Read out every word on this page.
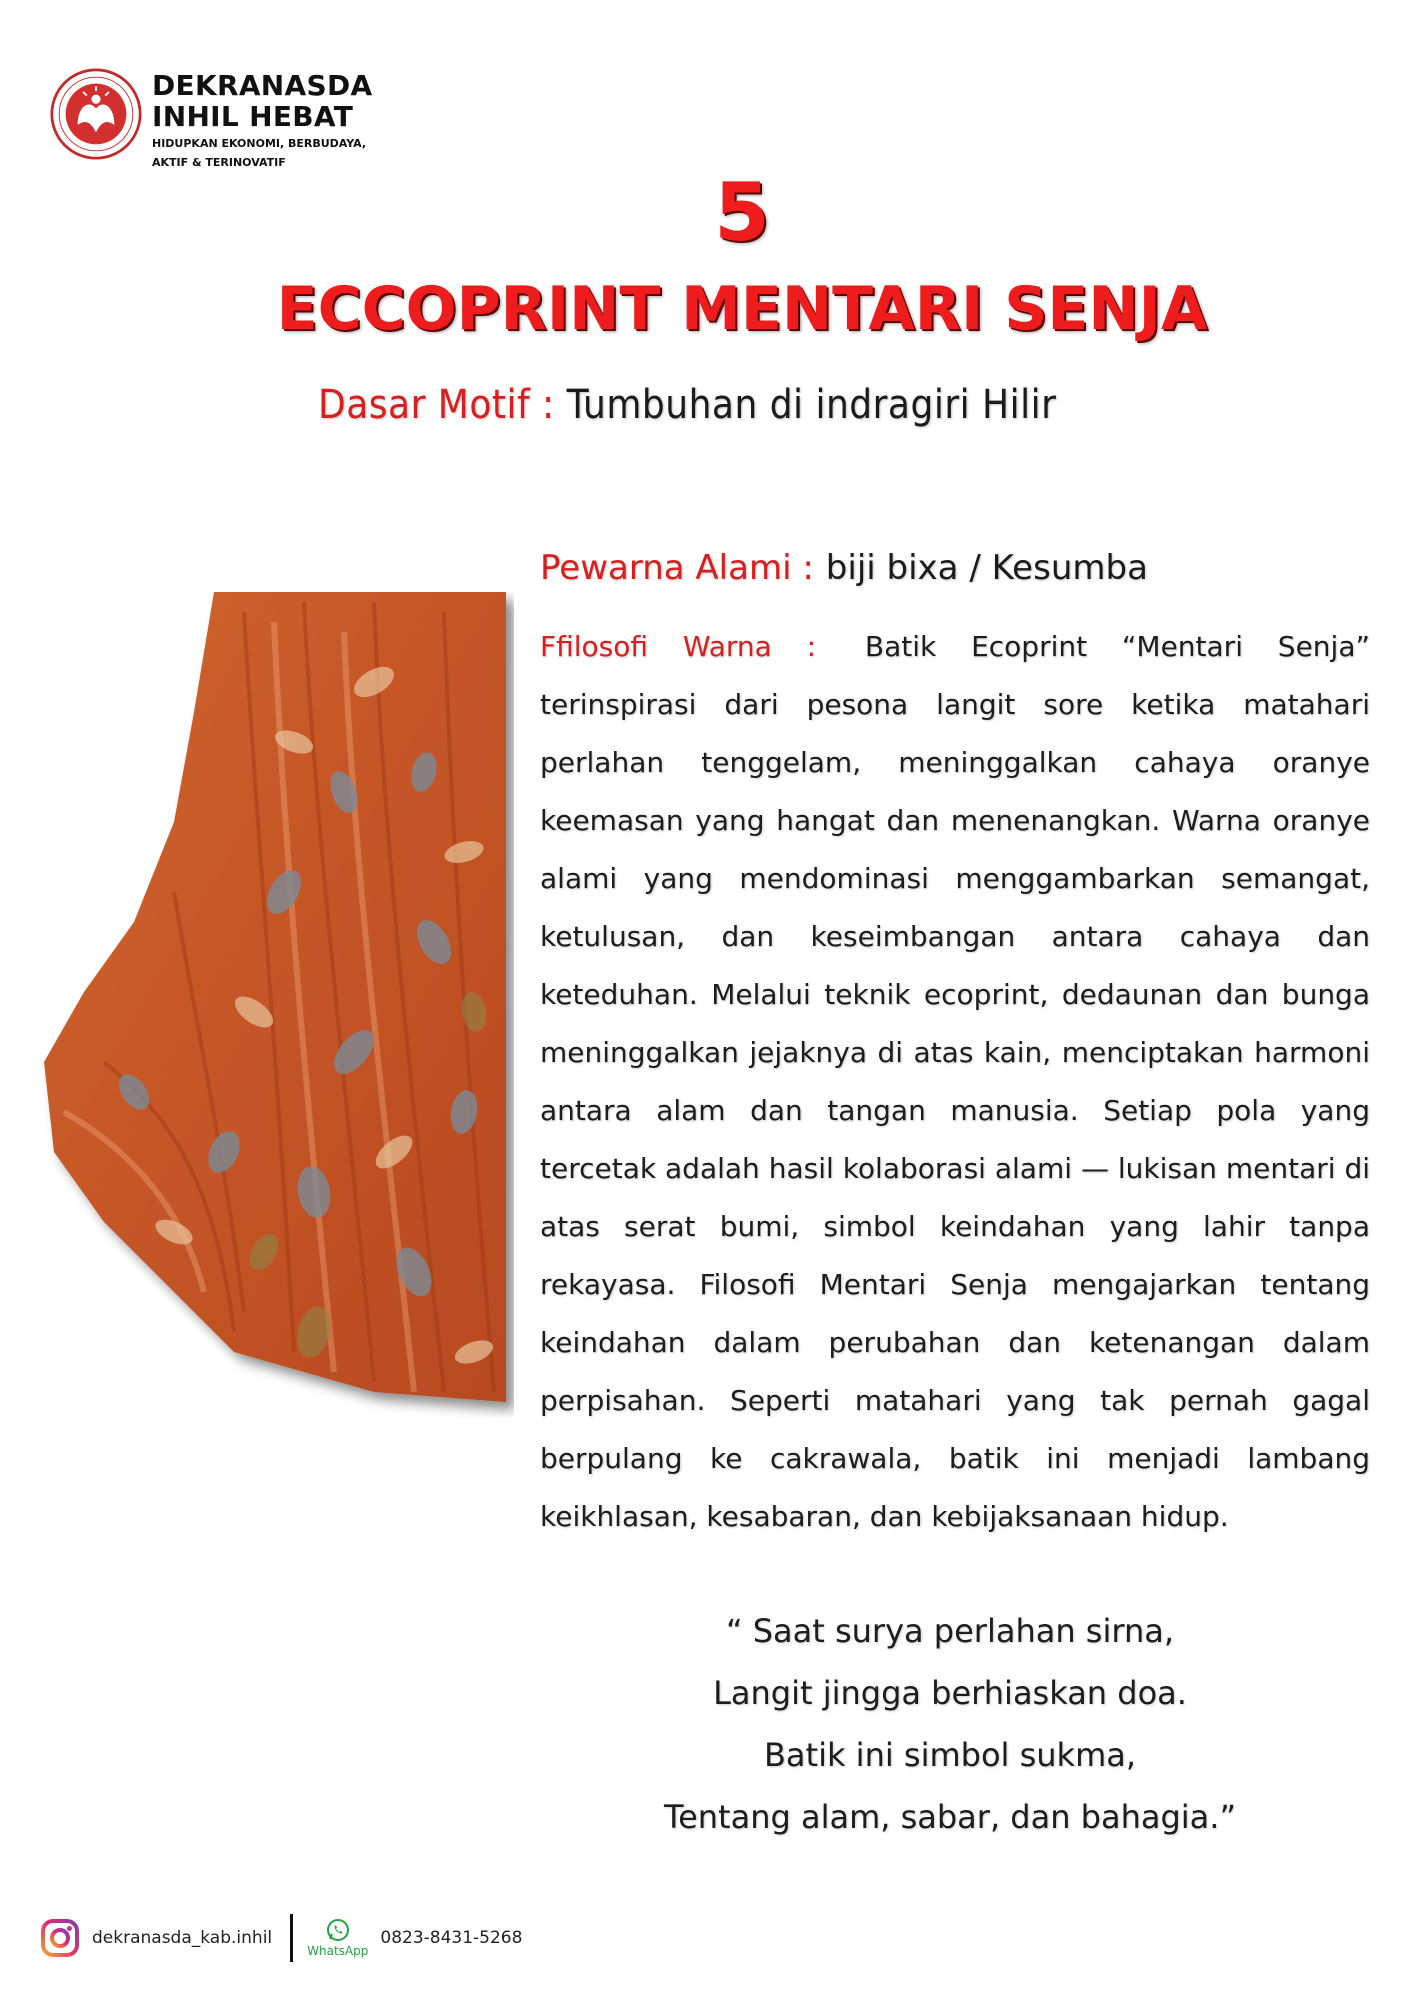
DEKRANASDA
INHIL HEBAT
HIDUPKAN EKONOMI, BERBUDAYA,
AKTIF & TERINOVATIF
5
ECCOPRINT MENTARI SENJA
Dasar Motif : Tumbuhan di indragiri Hilir
Pewarna Alami : biji bixa / Kesumba
Ffilosofi Warna : Batik Ecoprint “Mentari Senja” terinspirasi dari pesona langit sore ketika matahari perlahan tenggelam, meninggalkan cahaya oranye keemasan yang hangat dan menenangkan. Warna oranye alami yang mendominasi menggambarkan semangat, ketulusan, dan keseimbangan antara cahaya dan keteduhan. Melalui teknik ecoprint, dedaunan dan bunga meninggalkan jejaknya di atas kain, menciptakan harmoni antara alam dan tangan manusia. Setiap pola yang tercetak adalah hasil kolaborasi alami — lukisan mentari di atas serat bumi, simbol keindahan yang lahir tanpa rekayasa. Filosofi Mentari Senja mengajarkan tentang keindahan dalam perubahan dan ketenangan dalam perpisahan. Seperti matahari yang tak pernah gagal berpulang ke cakrawala, batik ini menjadi lambang keikhlasan, kesabaran, dan kebijaksanaan hidup.
“ Saat surya perlahan sirna,
Langit jingga berhiaskan doa.
Batik ini simbol sukma,
Tentang alam, sabar, dan bahagia.”
dekranasda_kab.inhil
WhatsApp
0823-8431-5268
